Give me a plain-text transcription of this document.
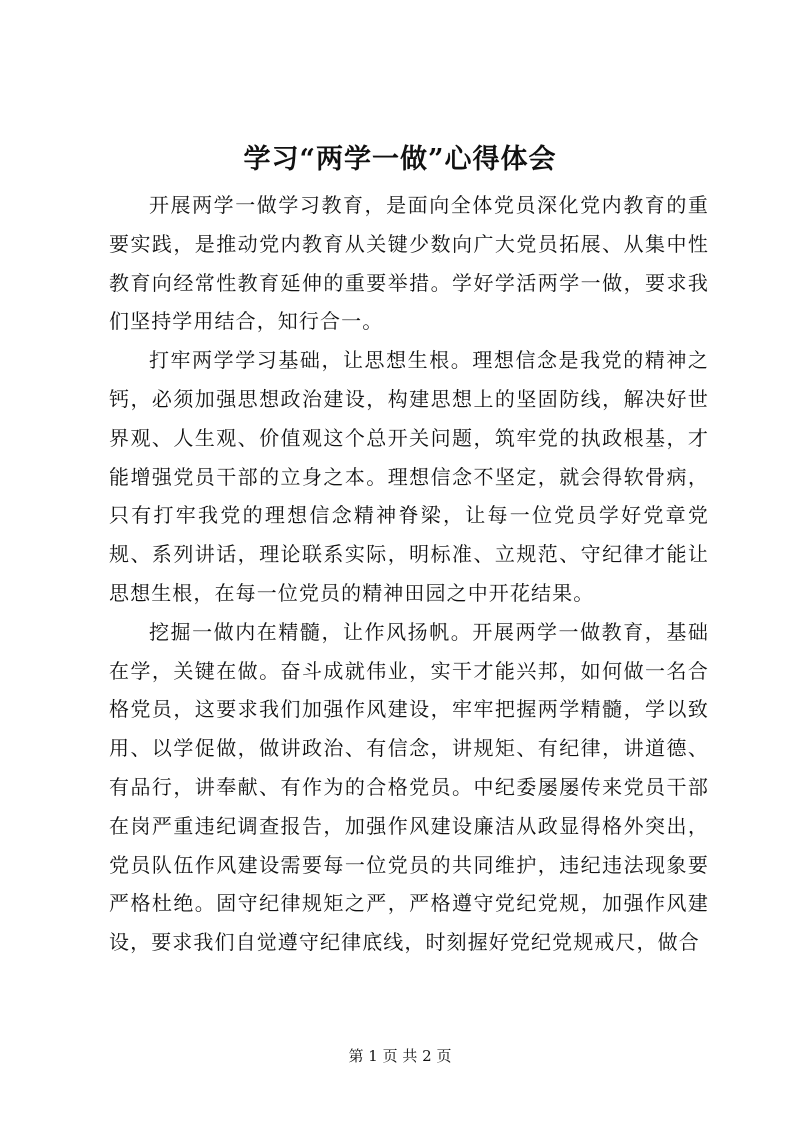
学习“两学一做”心得体会

开展两学一做学习教育，是面向全体党员深化党内教育的重要实践，是推动党内教育从关键少数向广大党员拓展、从集中性教育向经常性教育延伸的重要举措。学好学活两学一做，要求我们坚持学用结合，知行合一。

打牢两学学习基础，让思想生根。理想信念是我党的精神之钙，必须加强思想政治建设，构建思想上的坚固防线，解决好世界观、人生观、价值观这个总开关问题，筑牢党的执政根基，才能增强党员干部的立身之本。理想信念不坚定，就会得软骨病，只有打牢我党的理想信念精神脊梁，让每一位党员学好党章党规、系列讲话，理论联系实际，明标准、立规范、守纪律才能让思想生根，在每一位党员的精神田园之中开花结果。

挖掘一做内在精髓，让作风扬帆。开展两学一做教育，基础在学，关键在做。奋斗成就伟业，实干才能兴邦，如何做一名合格党员，这要求我们加强作风建设，牢牢把握两学精髓，学以致用、以学促做，做讲政治、有信念，讲规矩、有纪律，讲道德、有品行，讲奉献、有作为的合格党员。中纪委屡屡传来党员干部在岗严重违纪调查报告，加强作风建设廉洁从政显得格外突出，党员队伍作风建设需要每一位党员的共同维护，违纪违法现象要严格杜绝。固守纪律规矩之严，严格遵守党纪党规，加强作风建设，要求我们自觉遵守纪律底线，时刻握好党纪党规戒尺，做合

第 1 页 共 2 页
